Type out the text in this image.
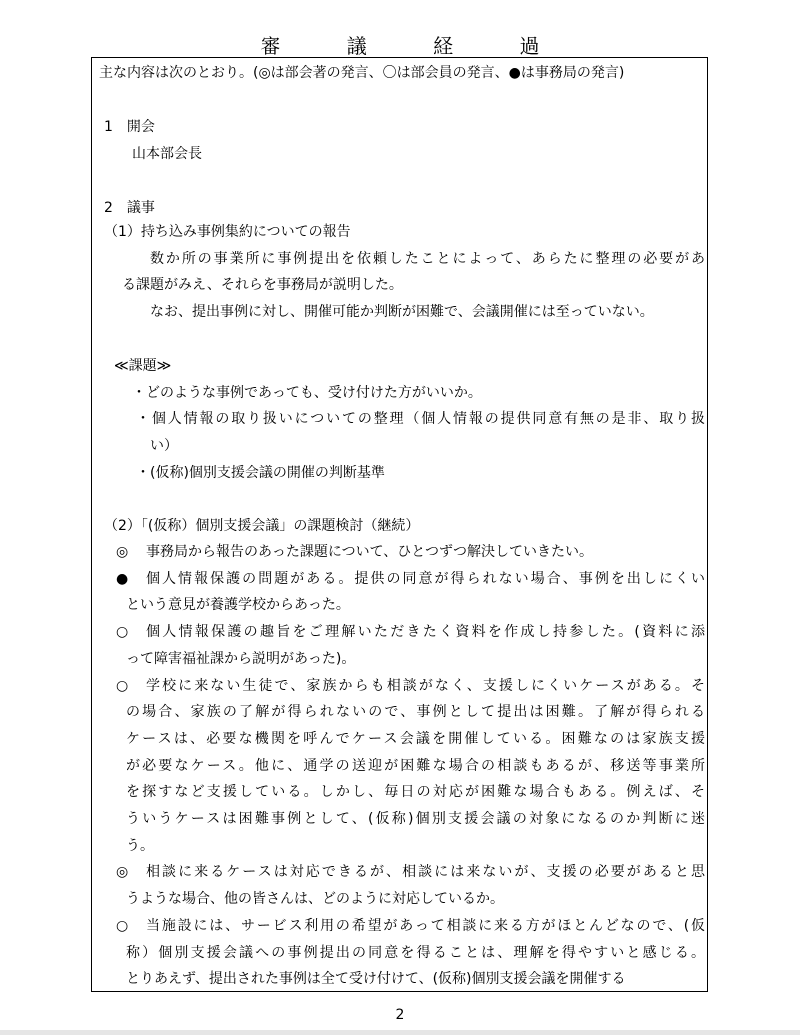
審 議 経 過
主な内容は次のとおり。(◎は部会著の発言、〇は部会員の発言、●は事務局の発言)
1　開会
山本部会長
2　議事
（1）持ち込み事例集約についての報告
数か所の事業所に事例提出を依頼したことによって、あらたに整理の必要があ
る課題がみえ、それらを事務局が説明した。
なお、提出事例に対し、開催可能か判断が困難で、会議開催には至っていない。
≪課題≫
・どのような事例であっても、受け付けた方がいいか。
・個人情報の取り扱いについての整理（個人情報の提供同意有無の是非、取り扱
い）
・(仮称)個別支援会議の開催の判断基準
（2）「(仮称）個別支援会議」の課題検討（継続）
◎ 事務局から報告のあった課題について、ひとつずつ解決していきたい。
● 個人情報保護の問題がある。提供の同意が得られない場合、事例を出しにくい
という意見が養護学校からあった。
○ 個人情報保護の趣旨をご理解いただきたく資料を作成し持参した。(資料に添
って障害福祉課から説明があった)。
○ 学校に来ない生徒で、家族からも相談がなく、支援しにくいケースがある。そ
の場合、家族の了解が得られないので、事例として提出は困難。了解が得られる
ケースは、必要な機関を呼んでケース会議を開催している。困難なのは家族支援
が必要なケース。他に、通学の送迎が困難な場合の相談もあるが、移送等事業所
を探すなど支援している。しかし、毎日の対応が困難な場合もある。例えば、そ
ういうケースは困難事例として、(仮称)個別支援会議の対象になるのか判断に迷
う。
◎ 相談に来るケースは対応できるが、相談には来ないが、支援の必要があると思
うような場合、他の皆さんは、どのように対応しているか。
○ 当施設には、サービス利用の希望があって相談に来る方がほとんどなので、(仮
称）個別支援会議への事例提出の同意を得ることは、理解を得やすいと感じる。
とりあえず、提出された事例は全て受け付けて、(仮称)個別支援会議を開催する
2
